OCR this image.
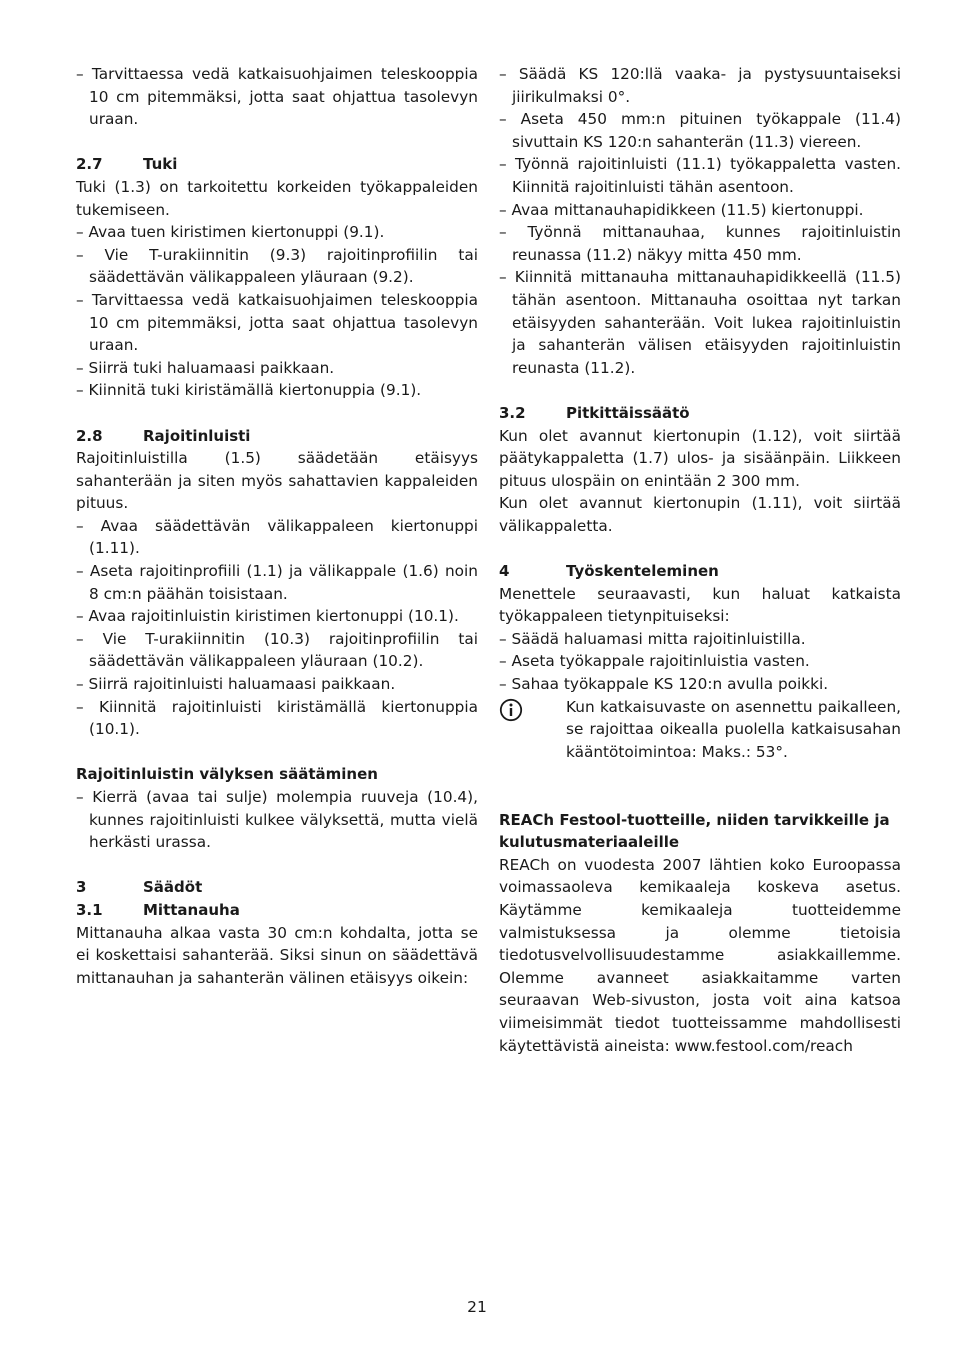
– Tarvittaessa vedä katkaisuohjaimen teleskooppia 10 cm pitemmäksi, jotta saat ohjattua tasolevyn uraan.

2.7	Tuki

Tuki (1.3) on tarkoitettu korkeiden työkappaleiden tukemiseen.

– Avaa tuen kiristimen kiertonuppi (9.1).

– Vie T-urakiinnitin (9.3) rajoitinprofiilin tai säädettävän välikappaleen yläuraan (9.2).

– Tarvittaessa vedä katkaisuohjaimen teleskooppia 10 cm pitemmäksi, jotta saat ohjattua tasolevyn uraan.

– Siirrä tuki haluamaasi paikkaan.

– Kiinnitä tuki kiristämällä kiertonuppia (9.1).

2.8	Rajoitinluisti

Rajoitinluistilla (1.5) säädetään etäisyys sahanterään ja siten myös sahattavien kappaleiden pituus.

– Avaa säädettävän välikappaleen kiertonuppi (1.11).

– Aseta rajoitinprofiili (1.1) ja välikappale (1.6) noin 8 cm:n päähän toisistaan.

– Avaa rajoitinluistin kiristimen kiertonuppi (10.1).

– Vie T-urakiinnitin (10.3) rajoitinprofiilin tai säädettävän välikappaleen yläuraan (10.2).

– Siirrä rajoitinluisti haluamaasi paikkaan.

– Kiinnitä rajoitinluisti kiristämällä kiertonuppia (10.1).

Rajoitinluistin välyksen säätäminen

– Kierrä (avaa tai sulje) molempia ruuveja (10.4), kunnes rajoitinluisti kulkee välyksettä, mutta vielä herkästi urassa.

3	Säädöt
3.1	Mittanauha

Mittanauha alkaa vasta 30 cm:n kohdalta, jotta se ei koskettaisi sahanterää. Siksi sinun on säädettävä mittanauhan ja sahanterän välinen etäisyys oikein:

– Säädä KS 120:llä vaaka- ja pystysuuntaiseksi jiirikulmaksi 0°.

– Aseta 450 mm:n pituinen työkappale (11.4) sivuttain KS 120:n sahanterän (11.3) viereen.

– Työnnä rajoitinluisti (11.1) työkappaletta vasten. Kiinnitä rajoitinluisti tähän asentoon.

– Avaa mittanauhapidikkeen (11.5) kiertonuppi.

– Työnnä mittanauhaa, kunnes rajoitinluistin reunassa (11.2) näkyy mitta 450 mm.

– Kiinnitä mittanauha mittanauhapidikkeellä (11.5) tähän asentoon. Mittanauha osoittaa nyt tarkan etäisyyden sahanterään. Voit lukea rajoitinluistin ja sahanterän välisen etäisyyden rajoitinluistin reunasta (11.2).

3.2	Pitkittäissäätö

Kun olet avannut kiertonupin (1.12), voit siirtää päätykappaletta (1.7) ulos- ja sisäänpäin. Liikkeen pituus ulospäin on enintään 2 300 mm.

Kun olet avannut kiertonupin (1.11), voit siirtää välikappaletta.

4	Työskenteleminen

Menettele seuraavasti, kun haluat katkaista työkappaleen tietynpituiseksi:

– Säädä haluamasi mitta rajoitinluistilla.

– Aseta työkappale rajoitinluistia vasten.

– Sahaa työkappale KS 120:n avulla poikki.

Kun katkaisuvaste on asennettu paikalleen, se rajoittaa oikealla puolella katkaisusahan kääntötoimintoa: Maks.: 53°.

REACh Festool-tuotteille, niiden tarvikkeille ja kulutusmateriaaleille

REACh on vuodesta 2007 lähtien koko Euroopassa voimassaoleva kemikaaleja koskeva asetus. Käytämme kemikaaleja tuotteidemme valmistuksessa ja olemme tietoisia tiedotusvelvollisuudestamme asiakkaillemme. Olemme avanneet asiakkaitamme varten seuraavan Web-sivuston, josta voit aina katsoa viimeisimmät tiedot tuotteissamme mahdollisesti käytettävistä aineista: www.festool.com/reach

21
